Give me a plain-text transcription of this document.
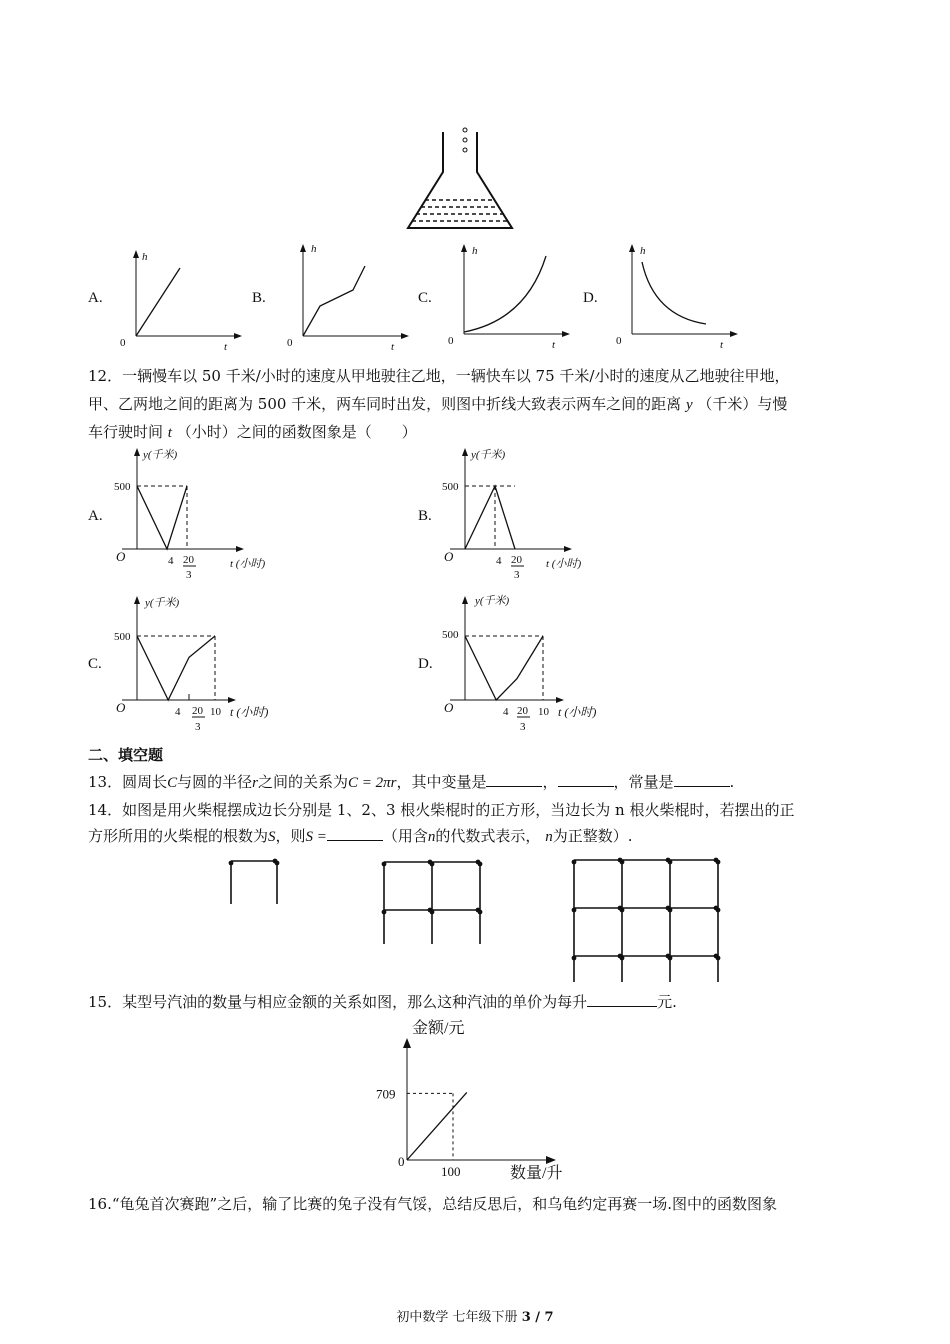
A.
h
t
0
B.
h
t
0
C.
h
t
0
D.
h
t
0
12．一辆慢车以 50 千米/小时的速度从甲地驶往乙地，一辆快车以 75 千米/小时的速度从乙地驶往甲地，
甲、乙两地之间的距离为 500 千米，两车同时出发，则图中折线大致表示两车之间的距离 y （千米）与慢
车行驶时间 t （小时）之间的函数图象是（　　）
A.
y(千米)
t (小时)
500
O	4 20
3
B.
y(千米)
t (小时)
500
O	4 20
3
C.
y(千米)
t (小时)
500
O	4 20
3
10
D.
y(千米)
t (小时)
500
O	4 20
3
10
二、填空题
13．圆周长C与圆的半径r之间的关系为C = 2πr，其中变量是	，	，常量是	.
14．如图是用火柴棍摆成边长分别是 1、2、3 根火柴棍时的正方形，当边长为 n 根火柴棍时，若摆出的正
方形所用的火柴棍的根数为S，则S =	（用含n的代数式表示， n为正整数）.
15．某型号汽油的数量与相应金额的关系如图，那么这种汽油的单价为每升	元.
金额/元
数量/升
0
709
100
16.“龟兔首次赛跑”之后，输了比赛的兔子没有气馁，总结反思后，和乌龟约定再赛一场.图中的函数图象
初中数学 七年级下册 3 / 7
